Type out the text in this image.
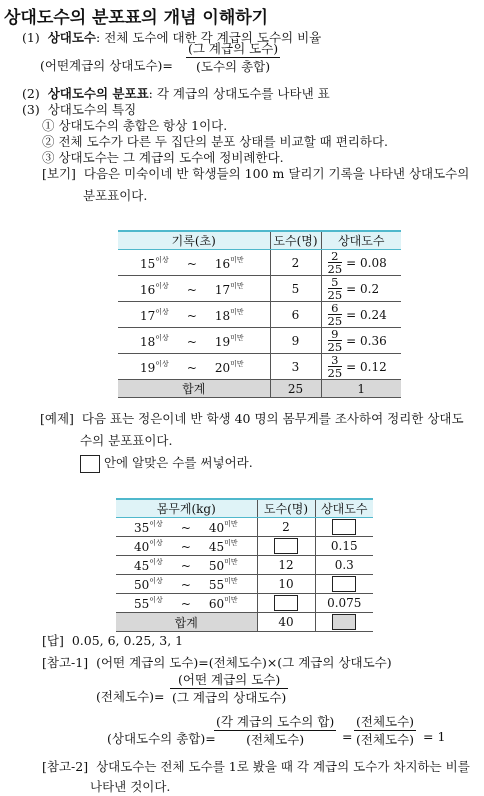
상대도수의 분포표의 개념 이해하기
(1) 상대도수: 전체 도수에 대한 각 계급의 도수의 비율
(어떤계급의 상대도수)=
(그 계급의 도수)
(도수의 총합)
(2) 상대도수의 분포표: 각 계급의 상대도수를 나타낸 표
(3) 상대도수의 특징
① 상대도수의 총합은 항상 1이다.
② 전체 도수가 다른 두 집단의 분포 상태를 비교할 때 편리하다.
③ 상대도수는 그 계급의 도수에 정비례한다.
[보기] 다음은 미숙이네 반 학생들의 100 m 달리기 기록을 나타낸 상대도수의
분포표이다.
기록(초)	도수(명)	상대도수
$15^{이상}$ ~ $16^{미만}$	2	$\frac{2}{25} = 0.08$
$16^{이상}$ ~ $17^{미만}$	5	$\frac{5}{25} = 0.2$
$17^{이상}$ ~ $18^{미만}$	6	$\frac{6}{25} = 0.24$
$18^{이상}$ ~ $19^{미만}$	9	$\frac{9}{25} = 0.36$
$19^{이상}$ ~ $20^{미만}$	3	$\frac{3}{25} = 0.12$
합계	25	1
[예제] 다음 표는 정은이네 반 학생 40 명의 몸무게를 조사하여 정리한 상대도
수의 분포표이다.
안에 알맞은 수를 써넣어라.
몸무게(kg)	도수(명)	상대도수
$35^{이상}$ ~ $40^{미만}$	2	
$40^{이상}$ ~ $45^{미만}$		0.15
$45^{이상}$ ~ $50^{미만}$	12	0.3
$50^{이상}$ ~ $55^{미만}$	10	
$55^{이상}$ ~ $60^{미만}$		0.075
합계	40	
[답] 0.05, 6, 0.25, 3, 1
[참고-1] (어떤 계급의 도수)=(전체도수)×(그 계급의 상대도수)
(전체도수)=
(어떤 계급의 도수)
(그 계급의 상대도수)
(상대도수의 총합)=
(각 계급의 도수의 합)
(전체도수)	=
(전체도수)
(전체도수) = 1
[참고-2] 상대도수는 전체 도수를 1로 봤을 때 각 계급의 도수가 차지하는 비를
나타낸 것이다.
